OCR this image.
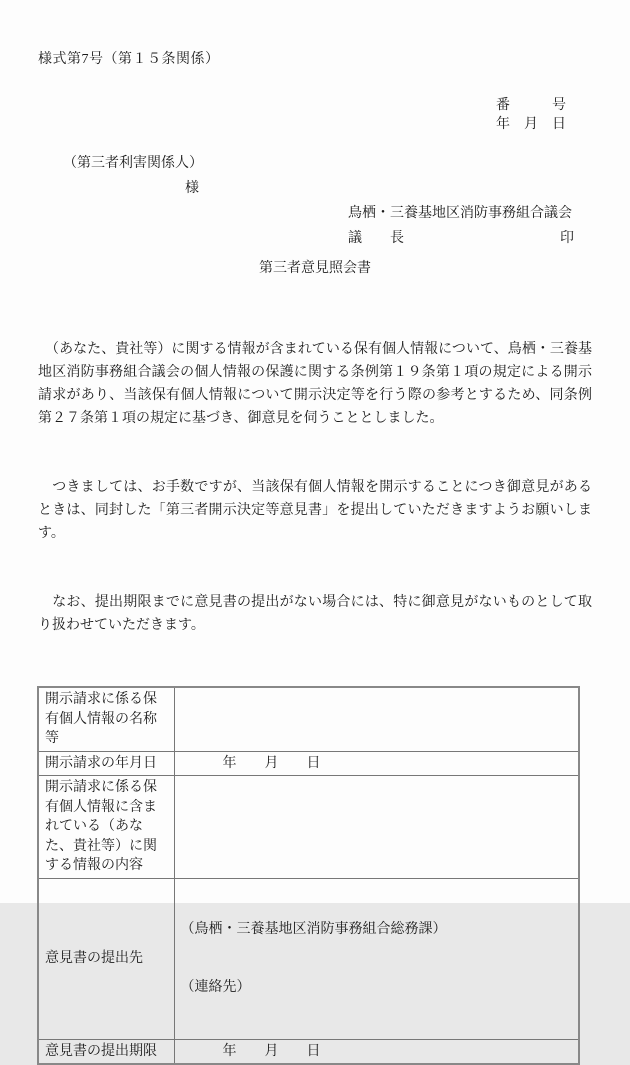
様式第7号（第１５条関係）
番　　　号
年　月　日
（第三者利害関係人）
様
鳥栖・三養基地区消防事務組合議会
議　　長	印
第三者意見照会書

　（あなた、貴社等）に関する情報が含まれている保有個人情報について、鳥栖・三養基地区消防事務組合議会の個人情報の保護に関する条例第１９条第１項の規定による開示請求があり、当該保有個人情報について開示決定等を行う際の参考とするため、同条例第２７条第１項の規定に基づき、御意見を伺うこととしました。

　つきましては、お手数ですが、当該保有個人情報を開示することにつき御意見があるときは、同封した「第三者開示決定等意見書」を提出していただきますようお願いします。

　なお、提出期限までに意見書の提出がない場合には、特に御意見がないものとして取り扱わせていただきます。

開示請求に係る保有個人情報の名称等	
開示請求の年月日	　　　年　　月　　日
開示請求に係る保有個人情報に含まれている（あなた、貴社等）に関する情報の内容	
意見書の提出先	（鳥栖・三養基地区消防事務組合総務課）

（連絡先）

意見書の提出期限	　　　年　　月　　日
